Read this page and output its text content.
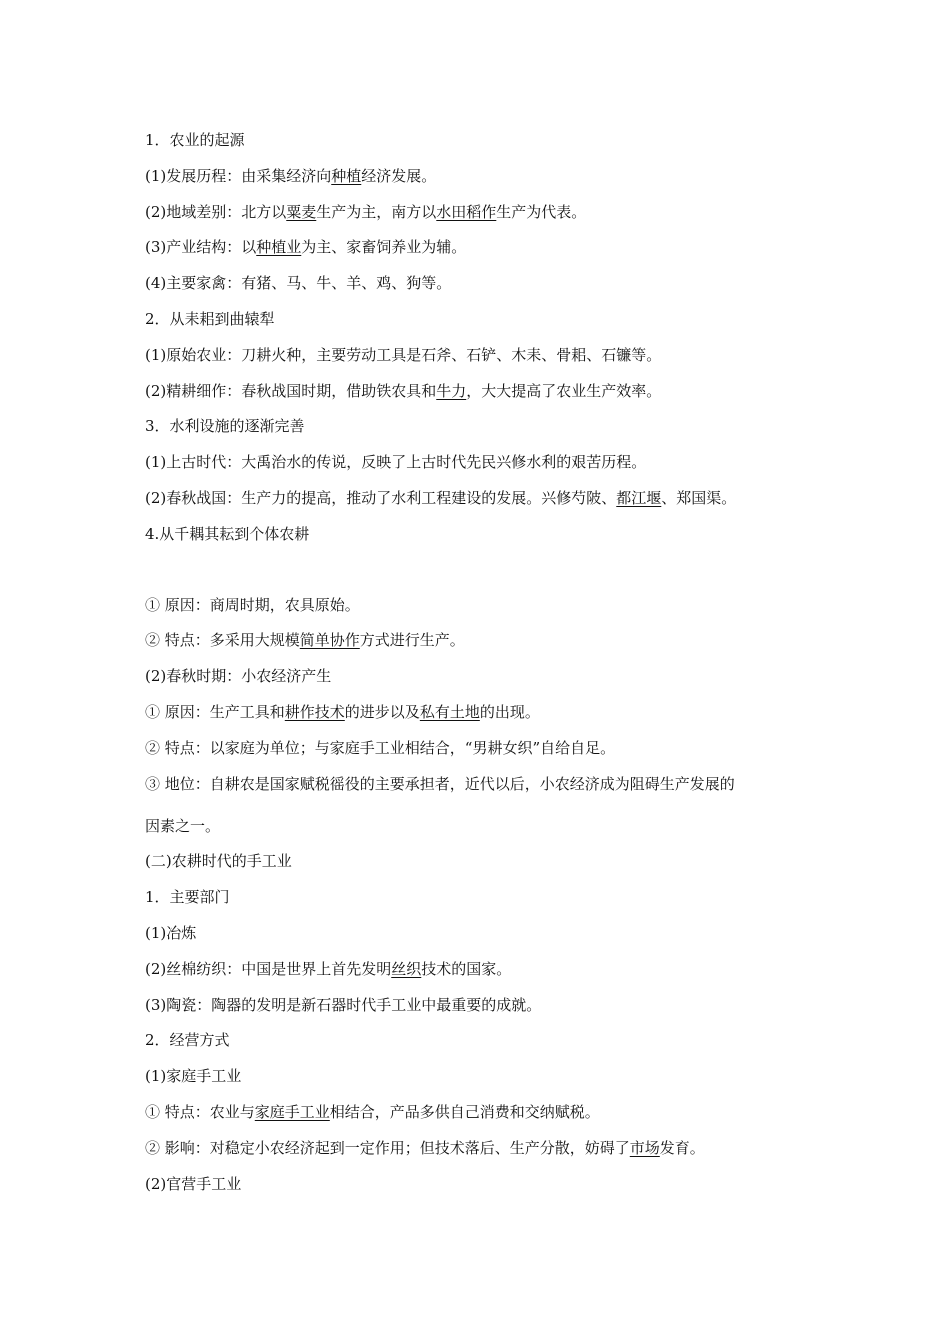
1．农业的起源
(1)发展历程：由采集经济向种植经济发展。
(2)地域差别：北方以粟麦生产为主，南方以水田稻作生产为代表。
(3)产业结构：以种植业为主、家畜饲养业为辅。
(4)主要家禽：有猪、马、牛、羊、鸡、狗等。
2．从耒耜到曲辕犁
(1)原始农业：刀耕火种，主要劳动工具是石斧、石铲、木耒、骨耜、石镰等。
(2)精耕细作：春秋战国时期，借助铁农具和牛力，大大提高了农业生产效率。
3．水利设施的逐渐完善
(1)上古时代：大禹治水的传说，反映了上古时代先民兴修水利的艰苦历程。
(2)春秋战国：生产力的提高，推动了水利工程建设的发展。兴修芍陂、都江堰、郑国渠。
4.从千耦其耘到个体农耕
① 原因：商周时期，农具原始。
② 特点：多采用大规模简单协作方式进行生产。
(2)春秋时期：小农经济产生
① 原因：生产工具和耕作技术的进步以及私有土地的出现。
② 特点：以家庭为单位；与家庭手工业相结合，“男耕女织”自给自足。
③ 地位：自耕农是国家赋税徭役的主要承担者，近代以后，小农经济成为阻碍生产发展的
因素之一。
(二)农耕时代的手工业
1．主要部门
(1)冶炼
(2)丝棉纺织：中国是世界上首先发明丝织技术的国家。
(3)陶瓷：陶器的发明是新石器时代手工业中最重要的成就。
2．经营方式
(1)家庭手工业
① 特点：农业与家庭手工业相结合，产品多供自己消费和交纳赋税。
② 影响：对稳定小农经济起到一定作用；但技术落后、生产分散，妨碍了市场发育。
(2)官营手工业
